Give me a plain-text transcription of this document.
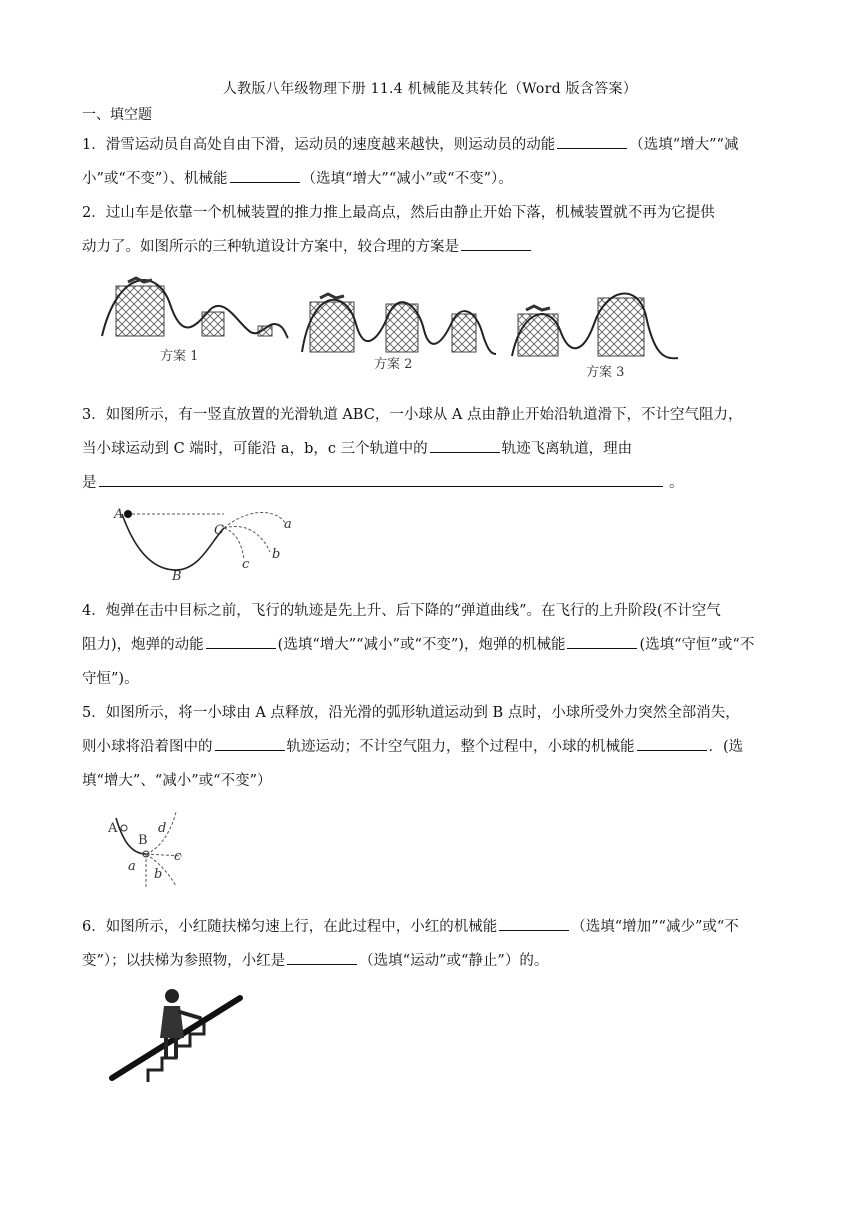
人教版八年级物理下册 11.4 机械能及其转化（Word 版含答案）
一、填空题

1．滑雪运动员自高处自由下滑，运动员的速度越来越快，则运动员的动能	（选填“增大”“减

小”或“不变”）、机械能	（选填“增大”“减小”或“不变”）。

2．过山车是依靠一个机械装置的推力推上最高点，然后由静止开始下落，机械装置就不再为它提供

动力了。如图所示的三种轨道设计方案中，较合理的方案是

方案 1
方案 2
方案 3

3．如图所示，有一竖直放置的光滑轨道 ABC，一小球从 A 点由静止开始沿轨道滑下，不计空气阻力，

当小球运动到 C 端时，可能沿 a，b，c 三个轨道中的	轨迹飞离轨道，理由

是	。

A
B
C	a
b
c

4．炮弹在击中目标之前，飞行的轨迹是先上升、后下降的“弹道曲线”。在飞行的上升阶段(不计空气

阻力)，炮弹的动能	(选填“增大”“减小”或“不变”)，炮弹的机械能	(选填“守恒”或“不

守恒”)。

5．如图所示，将一小球由 A 点释放，沿光滑的弧形轨道运动到 B 点时，小球所受外力突然全部消失，

则小球将沿着图中的	轨迹运动；不计空气阻力，整个过程中，小球的机械能	．(选

填“增大”、“减小”或“不变”）

A
B
a
b
c
d

6．如图所示，小红随扶梯匀速上行，在此过程中，小红的机械能	（选填“增加”“减少”或“不

变”）；以扶梯为参照物，小红是	（选填“运动”或“静止”）的。
